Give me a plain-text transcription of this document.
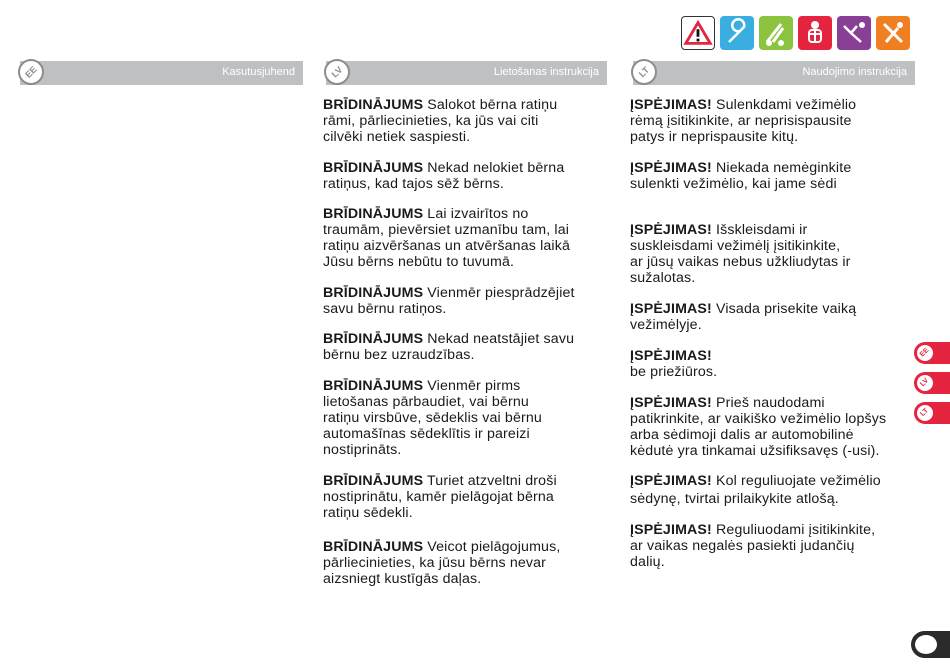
EE	Kasutusjuhend	LV	Lietošanas instrukcija	LT	Naudojimo instrukcija

BRĪDINĀJUMS Salokot bērna ratiņu
rāmi, pārliecinieties, ka jūs vai citi
cilvēki netiek saspiesti.

BRĪDINĀJUMS Nekad nelokiet bērna
ratiņus, kad tajos sēž bērns.

BRĪDINĀJUMS Lai izvairītos no
traumām, pievērsiet uzmanību tam, lai
ratiņu aizvēršanas un atvēršanas laikā
Jūsu bērns nebūtu to tuvumā.

BRĪDINĀJUMS Vienmēr piesprādzējiet
savu bērnu ratiņos.

BRĪDINĀJUMS Nekad neatstājiet savu
bērnu bez uzraudzības.

BRĪDINĀJUMS Vienmēr pirms
lietošanas pārbaudiet, vai bērnu
ratiņu virsbūve, sēdeklis vai bērnu
automašīnas sēdeklītis ir pareizi
nostiprināts.

BRĪDINĀJUMS Turiet atzveltni droši
nostiprinātu, kamēr pielāgojat bērna
ratiņu sēdekli.

BRĪDINĀJUMS Veicot pielāgojumus,
pārliecinieties, ka jūsu bērns nevar
aizsniegt kustīgās daļas.

ĮSPĖJIMAS! Sulenkdami vežimėlio
rėmą įsitikinkite, ar neprisispausite
patys ir neprispausite kitų.

ĮSPĖJIMAS! Niekada nemėginkite
sulenkti vežimėlio, kai jame sėdi

ĮSPĖJIMAS! Išskleisdami ir
suskleisdami vežimėlį įsitikinkite,
ar jūsų vaikas nebus užkliudytas ir
sužalotas.

ĮSPĖJIMAS! Visada prisekite vaiką
vežimėlyje.

ĮSPĖJIMAS!
be priežiūros.

ĮSPĖJIMAS! Prieš naudodami
patikrinkite, ar vaikiško vežimėlio lopšys
arba sėdimoji dalis ar automobilinė
kėdutė yra tinkamai užsifiksavęs (-usi).

ĮSPĖJIMAS! Kol reguliuojate vežimėlio
sėdynę, tvirtai prilaikykite atlošą.

ĮSPĖJIMAS! Reguliuodami įsitikinkite,
ar vaikas negalės pasiekti judančių
dalių.

EE
LV
LT
